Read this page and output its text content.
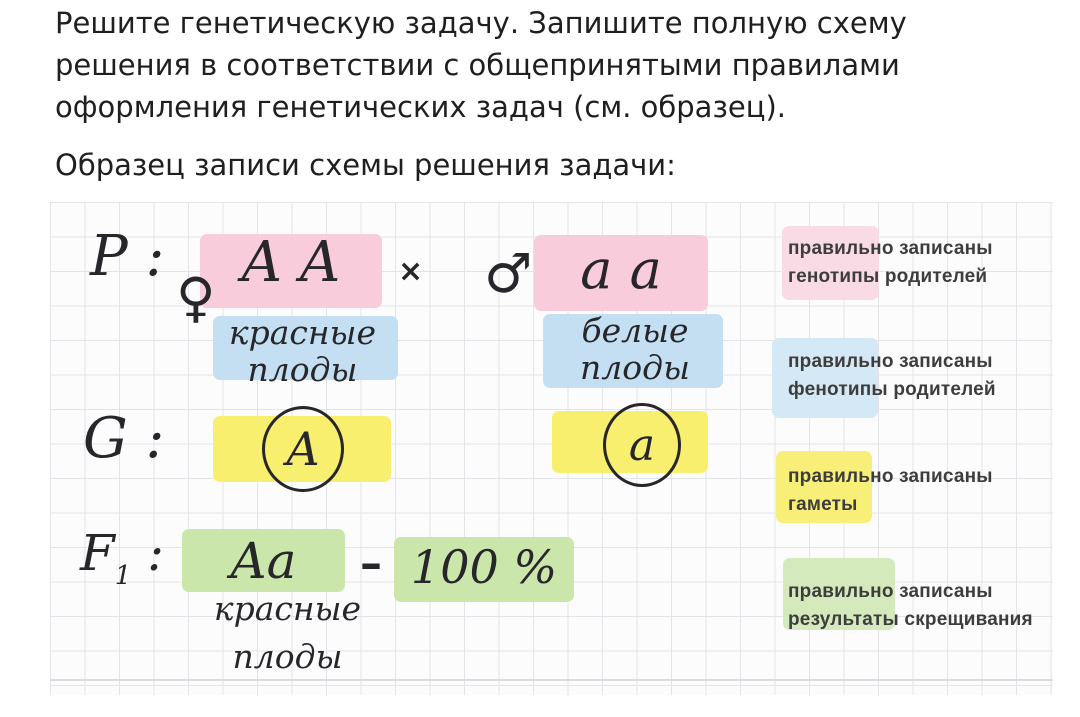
Решите генетическую задачу. Запишите полную схему
решения в соответствии с общепринятыми правилами
оформления генетических задач (см. образец).
Образец записи схемы решения задачи:
P :
♀
A A	× ♂ a a
красные
плоды
белые
плоды
G :	A	a
$F_1$ :	Aa	– 100 %
красные
плоды
правильно записаны
генотипы родителей
правильно записаны
фенотипы родителей
правильно записаны
гаметы
правильно записаны
результаты скрещивания
